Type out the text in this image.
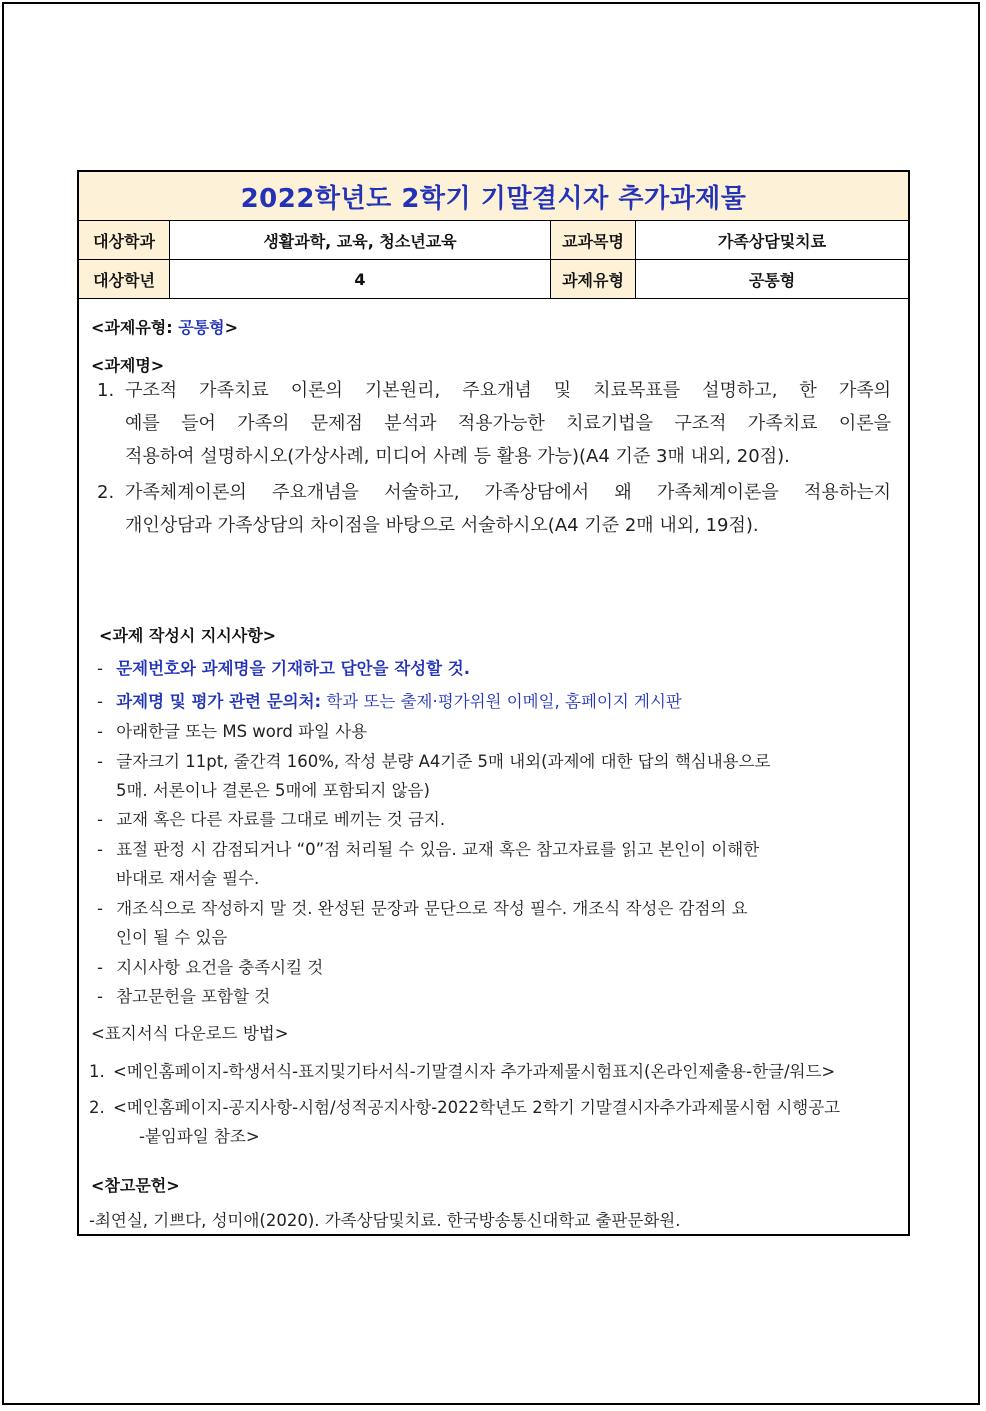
2022학년도 2학기 기말결시자 추가과제물
대상학과	생활과학, 교육, 청소년교육	교과목명	가족상담및치료
대상학년	4	과제유형	공통형
<과제유형: 공통형>
<과제명>
1. 구조적 가족치료 이론의 기본원리, 주요개념 및 치료목표를 설명하고, 한 가족의
예를 들어 가족의 문제점 분석과 적용가능한 치료기법을 구조적 가족치료 이론을
적용하여 설명하시오(가상사례, 미디어 사례 등 활용 가능)(A4 기준 3매 내외, 20점).
2. 가족체계이론의 주요개념을 서술하고, 가족상담에서 왜 가족체계이론을 적용하는지
개인상담과 가족상담의 차이점을 바탕으로 서술하시오(A4 기준 2매 내외, 19점).
<과제 작성시 지시사항>
- 문제번호와 과제명을 기재하고 답안을 작성할 것.
- 과제명 및 평가 관련 문의처: 학과 또는 출제·평가위원 이메일, 홈페이지 게시판
- 아래한글 또는 MS word 파일 사용
- 글자크기 11pt, 줄간격 160%, 작성 분량 A4기준 5매 내외(과제에 대한 답의 핵심내용으로
5매. 서론이나 결론은 5매에 포함되지 않음)
- 교재 혹은 다른 자료를 그대로 베끼는 것 금지.
- 표절 판정 시 감점되거나 “0”점 처리될 수 있음. 교재 혹은 참고자료를 읽고 본인이 이해한
바대로 재서술 필수.
- 개조식으로 작성하지 말 것. 완성된 문장과 문단으로 작성 필수. 개조식 작성은 감점의 요
인이 될 수 있음
- 지시사항 요건을 충족시킬 것
- 참고문헌을 포함할 것
<표지서식 다운로드 방법>
1. <메인홈페이지-학생서식-표지및기타서식-기말결시자 추가과제물시험표지(온라인제출용-한글/워드>
2. <메인홈페이지-공지사항-시험/성적공지사항-2022학년도 2학기 기말결시자추가과제물시험 시행공고
-붙임파일 참조>
<참고문헌>
-최연실, 기쁘다, 성미애(2020). 가족상담및치료. 한국방송통신대학교 출판문화원.
